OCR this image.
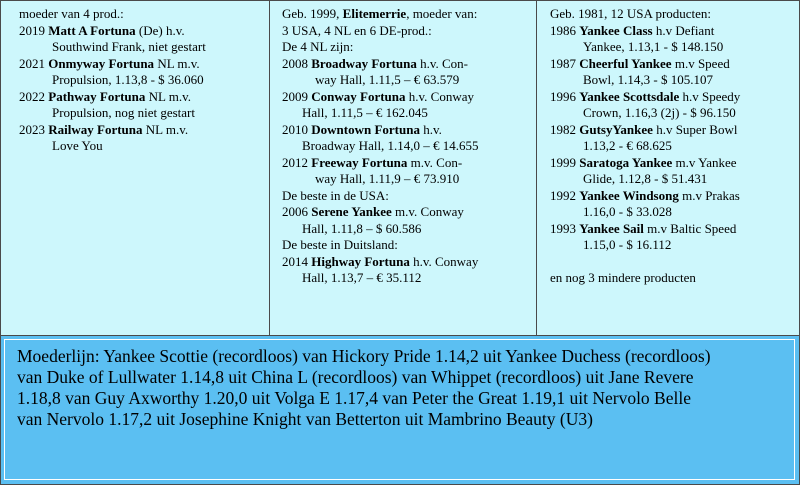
moeder van 4 prod.:
2019 Matt A Fortuna (De) h.v.
Southwind Frank, niet gestart
2021 Onmyway Fortuna NL m.v.
Propulsion, 1.13,8 - $ 36.060
2022 Pathway Fortuna NL m.v.
Propulsion, nog niet gestart
2023 Railway Fortuna NL m.v.
Love You
Geb. 1999, Elitemerrie, moeder van:
3 USA, 4 NL en 6 DE-prod.:
De 4 NL zijn:
2008 Broadway Fortuna h.v. Con-
way Hall, 1.11,5 – € 63.579
2009 Conway Fortuna h.v. Conway
Hall, 1.11,5 – € 162.045
2010 Downtown Fortuna h.v.
Broadway Hall, 1.14,0 – € 14.655
2012 Freeway Fortuna m.v. Con-
way Hall, 1.11,9 – € 73.910
De beste in de USA:
2006 Serene Yankee m.v. Conway
Hall, 1.11,8 – $ 60.586
De beste in Duitsland:
2014 Highway Fortuna h.v. Conway
Hall, 1.13,7 – € 35.112
Geb. 1981, 12 USA producten:
1986 Yankee Class h.v Defiant
Yankee, 1.13,1 - $ 148.150
1987 Cheerful Yankee m.v Speed
Bowl, 1.14,3 - $ 105.107
1996 Yankee Scottsdale h.v Speedy
Crown, 1.16,3 (2j) - $ 96.150
1982 GutsyYankee h.v Super Bowl
1.13,2 - € 68.625
1999 Saratoga Yankee m.v Yankee
Glide, 1.12,8 - $ 51.431
1992 Yankee Windsong m.v Prakas
1.16,0 - $ 33.028
1993 Yankee Sail m.v Baltic Speed
1.15,0 - $ 16.112
en nog 3 mindere producten
Moederlijn: Yankee Scottie (recordloos) van Hickory Pride 1.14,2 uit Yankee Duchess (recordloos)
van Duke of Lullwater 1.14,8 uit China L (recordloos) van Whippet (recordloos) uit Jane Revere
1.18,8 van Guy Axworthy 1.20,0 uit Volga E 1.17,4 van Peter the Great 1.19,1 uit Nervolo Belle
van Nervolo 1.17,2 uit Josephine Knight van Betterton uit Mambrino Beauty (U3)
